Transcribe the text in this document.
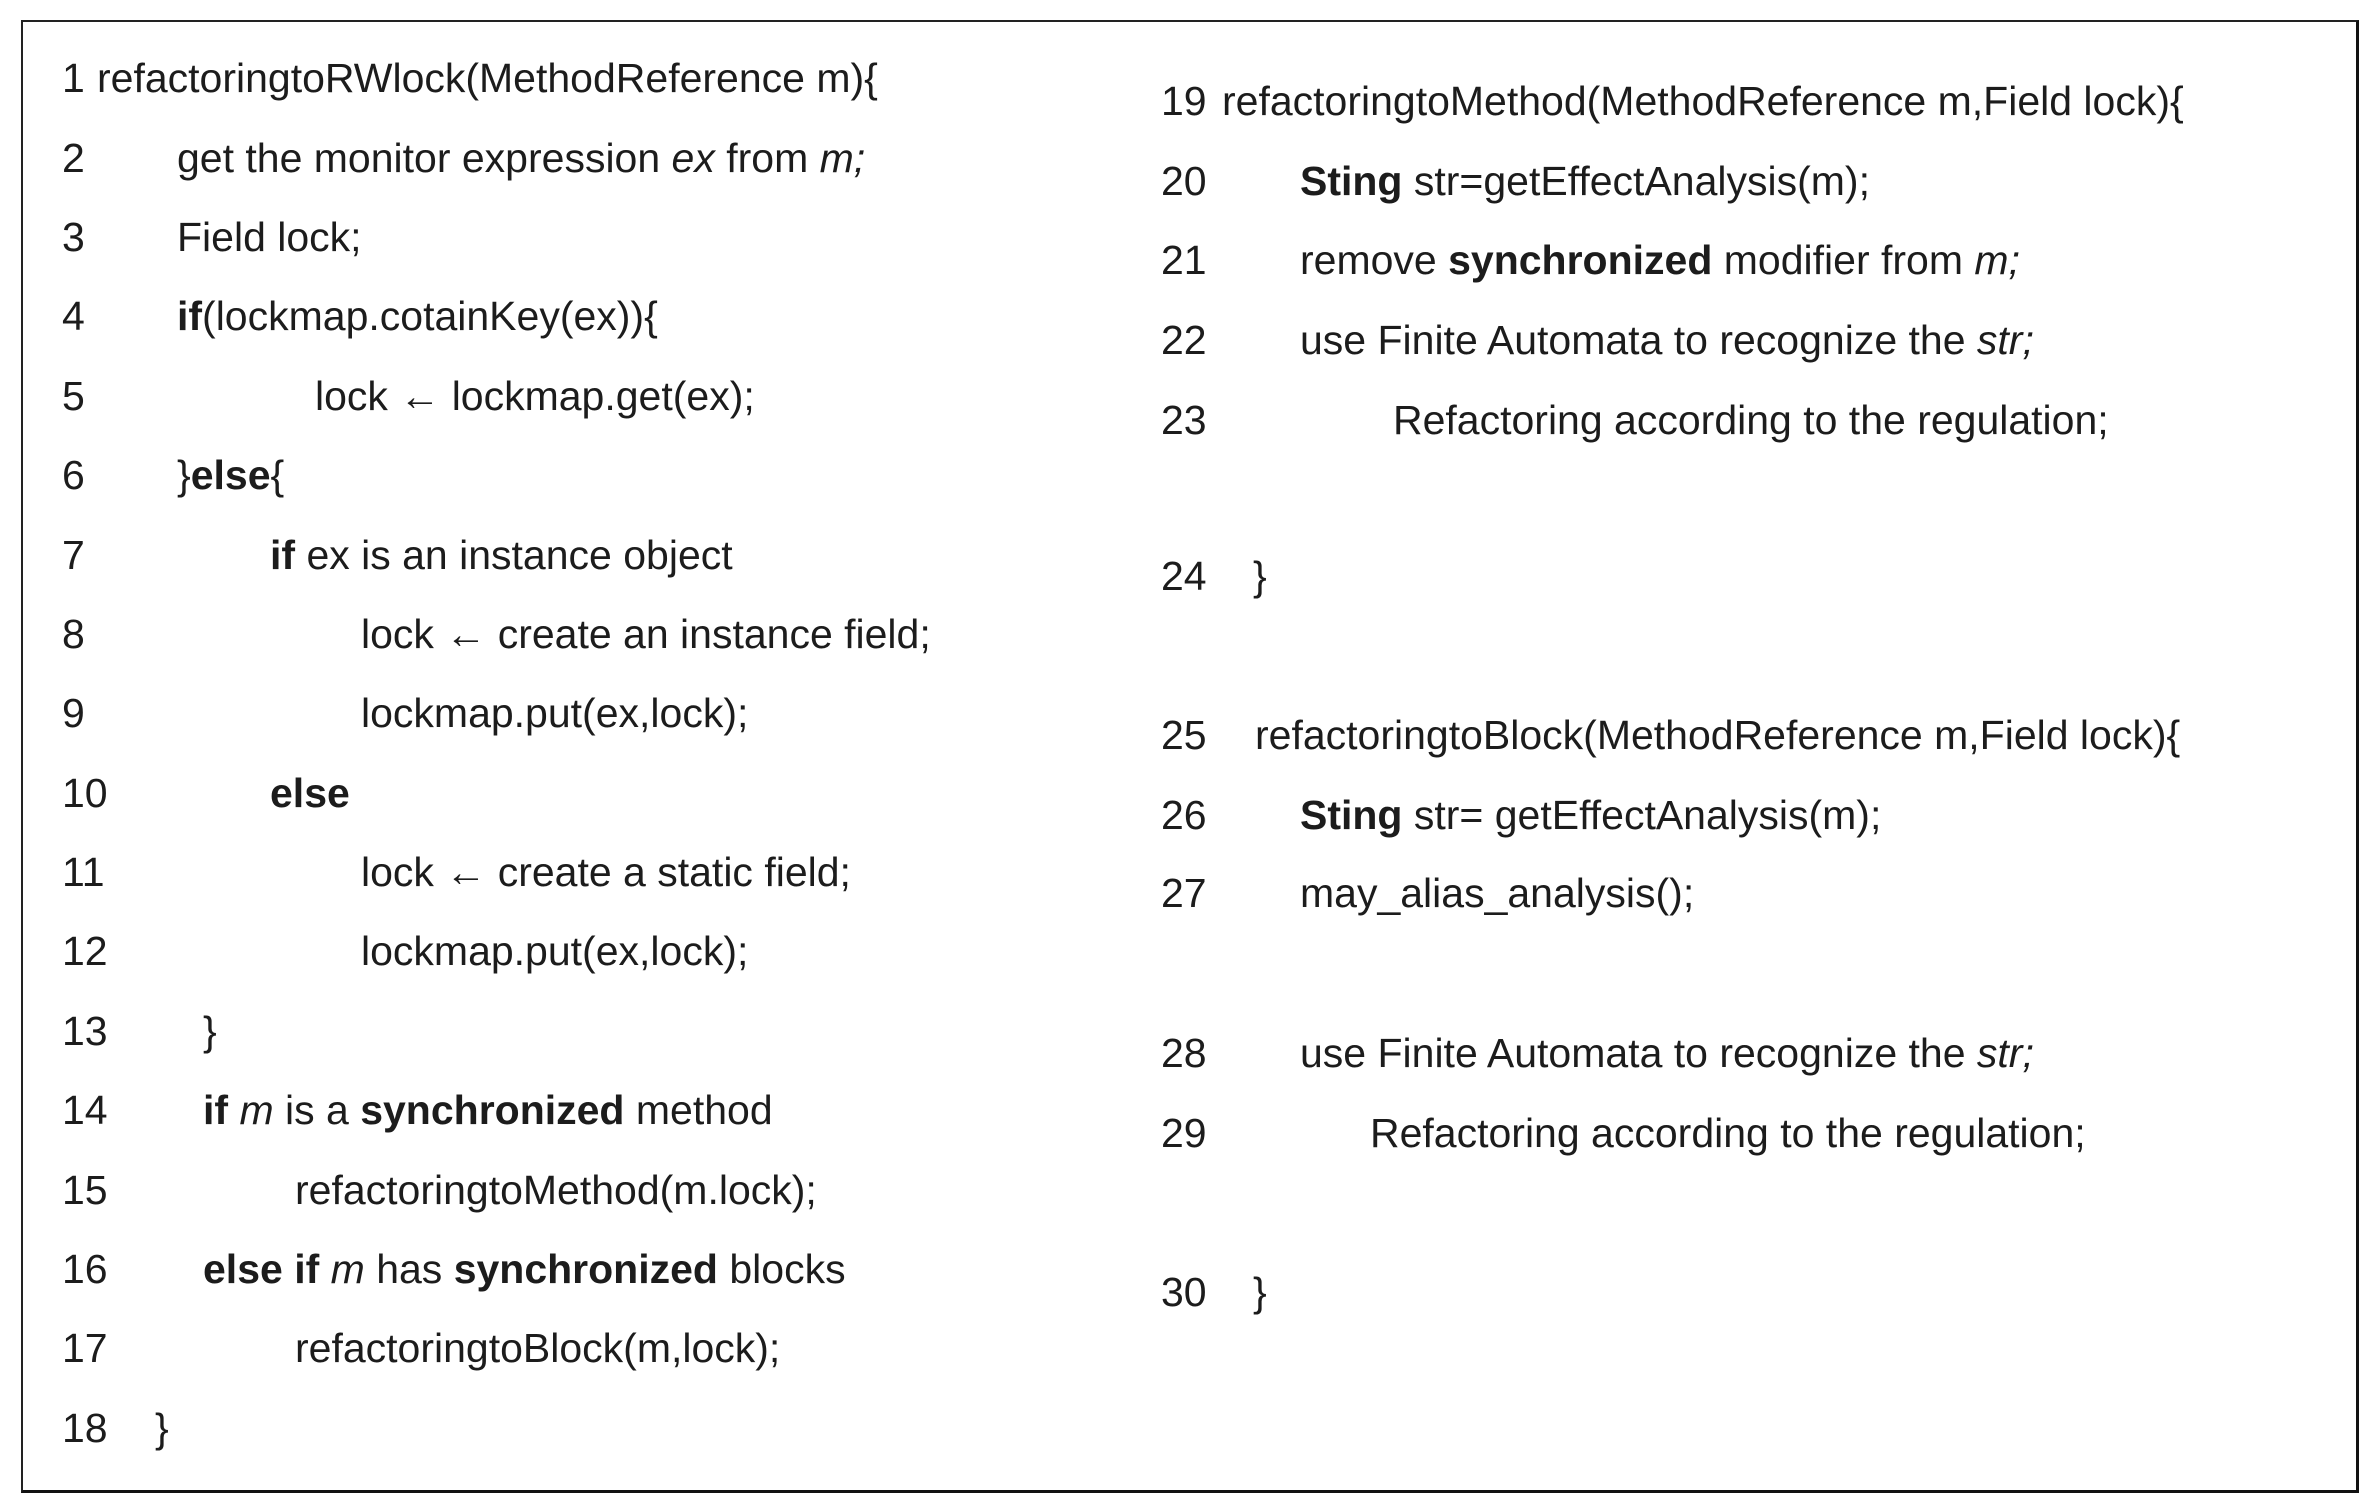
1 refactoringtoRWlock(MethodReference m){
2 get the monitor expression ex from m;
3 Field lock;
4 if(lockmap.cotainKey(ex)){
5	lock ← lockmap.get(ex);
6 }else{
7	if ex is an instance object
8	lock ← create an instance field;
9	lockmap.put(ex,lock);
10	else
11	lock ← create a static field;
12	lockmap.put(ex,lock);
13 }
14 if m is a synchronized method
15	refactoringtoMethod(m.lock);
16 else if m has synchronized blocks
17	refactoringtoBlock(m,lock);
18 }
19 refactoringtoMethod(MethodReference m,Field lock){
20 Sting str=getEffectAnalysis(m);
21 remove synchronized modifier from m;
22 use Finite Automata to recognize the str;
23	Refactoring according to the regulation;
24 }
25 refactoringtoBlock(MethodReference m,Field lock){
26 Sting str= getEffectAnalysis(m);
27 may_alias_analysis();
28 use Finite Automata to recognize the str;
29	Refactoring according to the regulation;
30 }
